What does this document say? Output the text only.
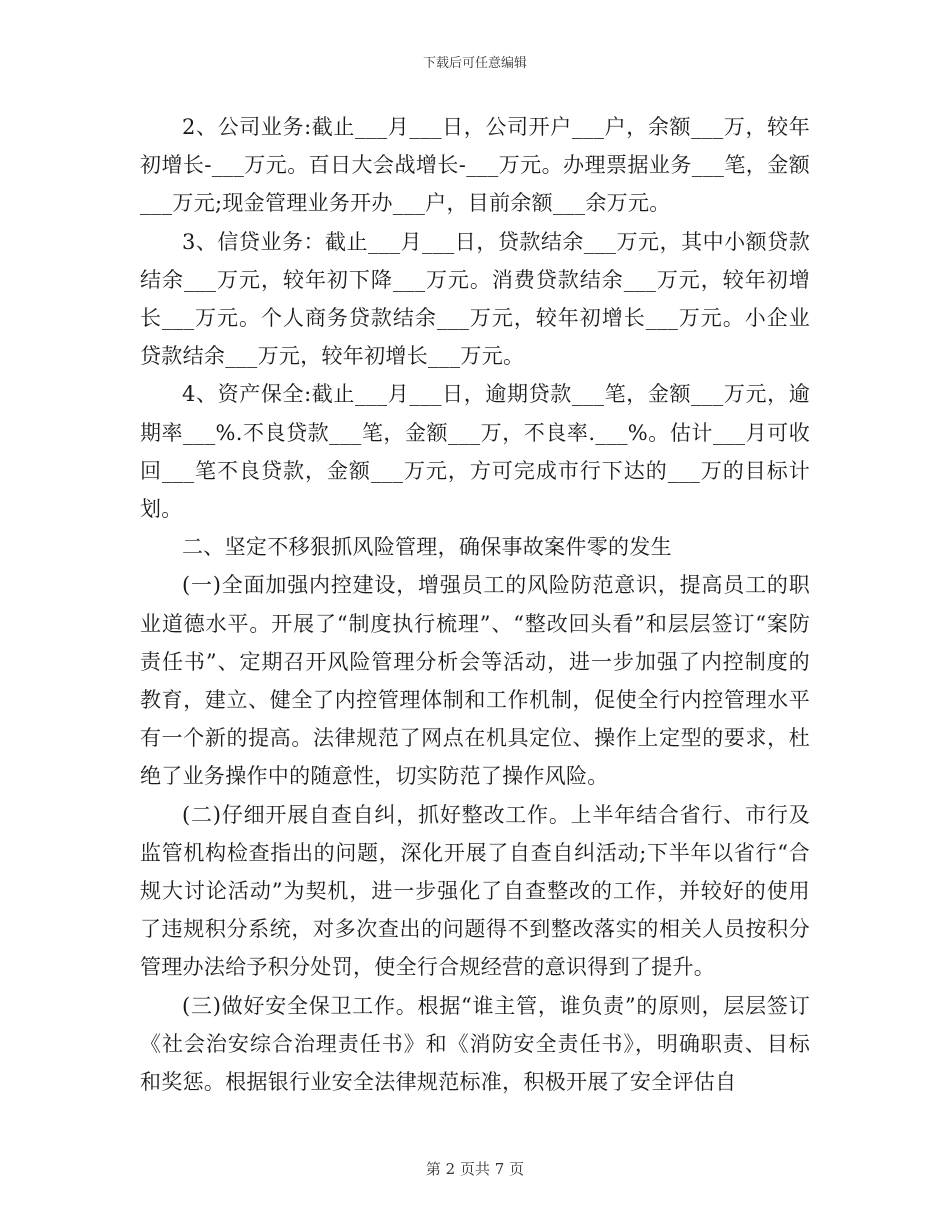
下载后可任意编辑

2、公司业务:截止___月___日，公司开户___户，余额___万，较年初增长-___万元。百日大会战增长-___万元。办理票据业务___笔，金额___万元;现金管理业务开办___户，目前余额___余万元。

3、信贷业务：截止___月___日，贷款结余___万元，其中小额贷款结余___万元，较年初下降___万元。消费贷款结余___万元，较年初增长___万元。个人商务贷款结余___万元，较年初增长___万元。小企业贷款结余___万元，较年初增长___万元。

4、资产保全:截止___月___日，逾期贷款___笔，金额___万元，逾期率___%.不良贷款___笔，金额___万，不良率.___%。估计___月可收回___笔不良贷款，金额___万元，方可完成市行下达的___万的目标计划。

二、坚定不移狠抓风险管理，确保事故案件零的发生

(一)全面加强内控建设，增强员工的风险防范意识，提高员工的职业道德水平。开展了“制度执行梳理”、“整改回头看”和层层签订“案防责任书”、定期召开风险管理分析会等活动，进一步加强了内控制度的教育，建立、健全了内控管理体制和工作机制，促使全行内控管理水平有一个新的提高。法律规范了网点在机具定位、操作上定型的要求，杜绝了业务操作中的随意性，切实防范了操作风险。

(二)仔细开展自查自纠，抓好整改工作。上半年结合省行、市行及监管机构检查指出的问题，深化开展了自查自纠活动;下半年以省行“合规大讨论活动”为契机，进一步强化了自查整改的工作，并较好的使用了违规积分系统，对多次查出的问题得不到整改落实的相关人员按积分管理办法给予积分处罚，使全行合规经营的意识得到了提升。

(三)做好安全保卫工作。根据“谁主管，谁负责”的原则，层层签订《社会治安综合治理责任书》和《消防安全责任书》，明确职责、目标和奖惩。根据银行业安全法律规范标准，积极开展了安全评估自

第 2 页共 7 页
